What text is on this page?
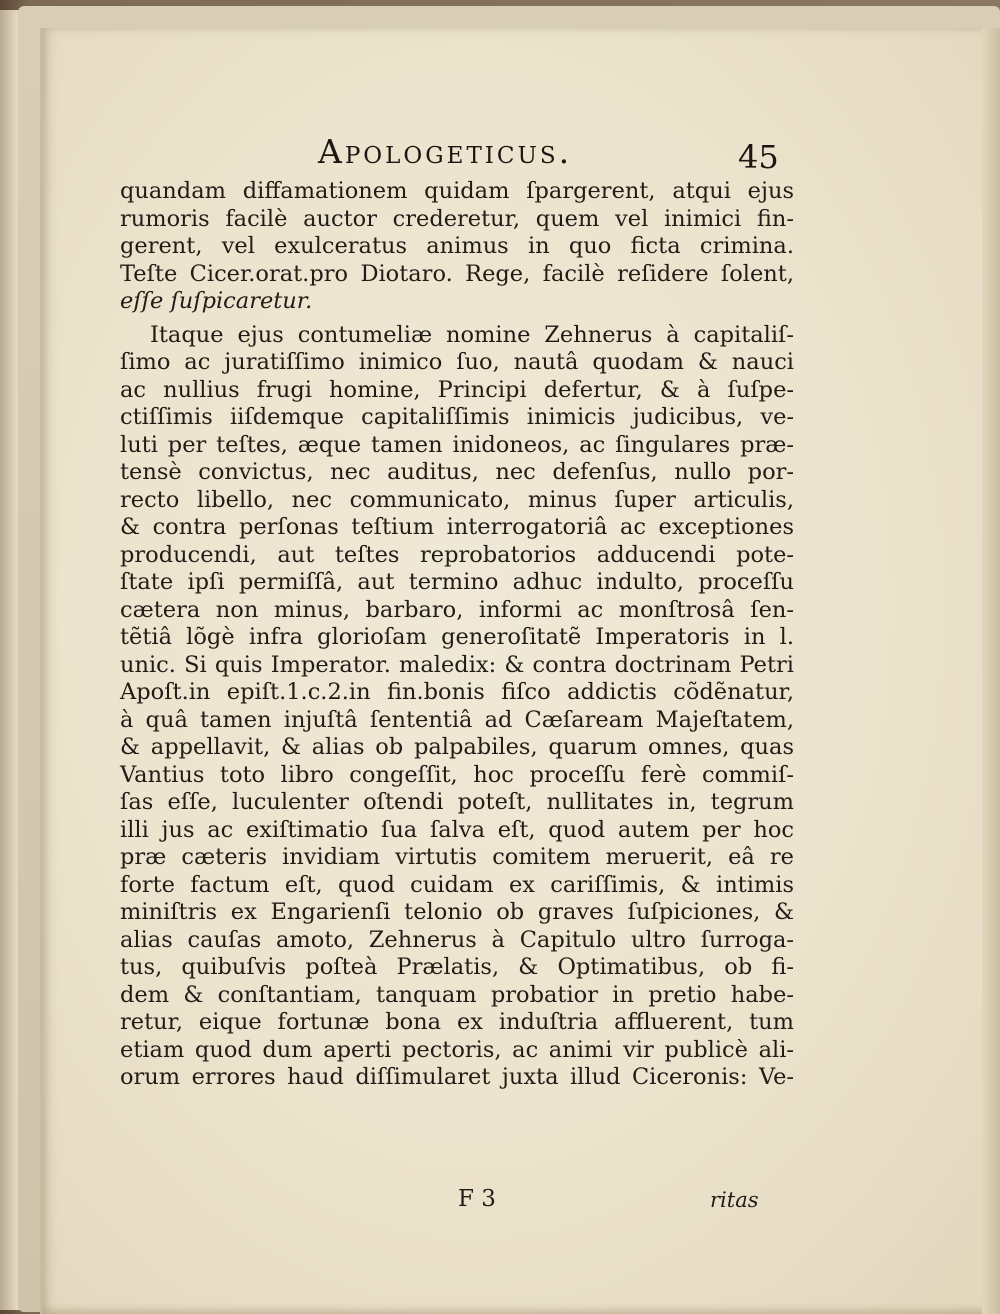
Apologeticus.	45
quandam diffamationem quidam ſpargerent, atqui ejus
rumoris facilè auctor crederetur, quem vel inimici fin-
gerent, vel exulceratus animus in quo ficta crimina.
Teſte Cicer.orat.pro Diotaro. Rege, facilè reſidere ſolent,
eſſe ſuſpicaretur.
Itaque ejus contumeliæ nomine Zehnerus à capitaliſ-
ſimo ac juratiſſimo inimico ſuo, nautâ quodam & nauci
ac nullius frugi homine, Principi defertur, & à ſuſpe-
ctiſſimis iiſdemque capitaliſſimis inimicis judicibus, ve-
luti per teſtes, æque tamen inidoneos, ac ſingulares præ-
tensè convictus, nec auditus, nec defenſus, nullo por-
recto libello, nec communicato, minus ſuper articulis,
& contra perſonas teſtium interrogatoriâ ac exceptiones
producendi, aut teſtes reprobatorios adducendi pote-
ſtate ipſi permiſſâ, aut termino adhuc indulto, proceſſu
cætera non minus, barbaro, informi ac monſtrosâ ſen-
tẽtiâ lõgè infra glorioſam generoſitatẽ Imperatoris in l.
unic. Si quis Imperator. maledix: & contra doctrinam Petri
Apoſt.in epiſt.1.c.2.in fin.bonis fiſco addictis cõdẽnatur,
à quâ tamen injuſtâ ſententiâ ad Cæſaream Majeſtatem,
& appellavit, & alias ob palpabiles, quarum omnes, quas
Vantius toto libro congeſſit, hoc proceſſu ferè commiſ-
ſas eſſe, luculenter oſtendi poteſt, nullitates in, tegrum
illi jus ac exiſtimatio ſua ſalva eſt, quod autem per hoc
præ cæteris invidiam virtutis comitem meruerit, eâ re
forte factum eſt, quod cuidam ex cariſſimis, & intimis
miniſtris ex Engarienſi telonio ob graves ſuſpiciones, &
alias cauſas amoto, Zehnerus à Capitulo ultro ſurroga-
tus, quibuſvis poſteà Prælatis, & Optimatibus, ob fi-
dem & conſtantiam, tanquam probatior in pretio habe-
retur, eique fortunæ bona ex induſtria affluerent, tum
etiam quod dum aperti pectoris, ac animi vir publicè ali-
orum errores haud diſſimularet juxta illud Ciceronis: Ve-
F 3	ritas
